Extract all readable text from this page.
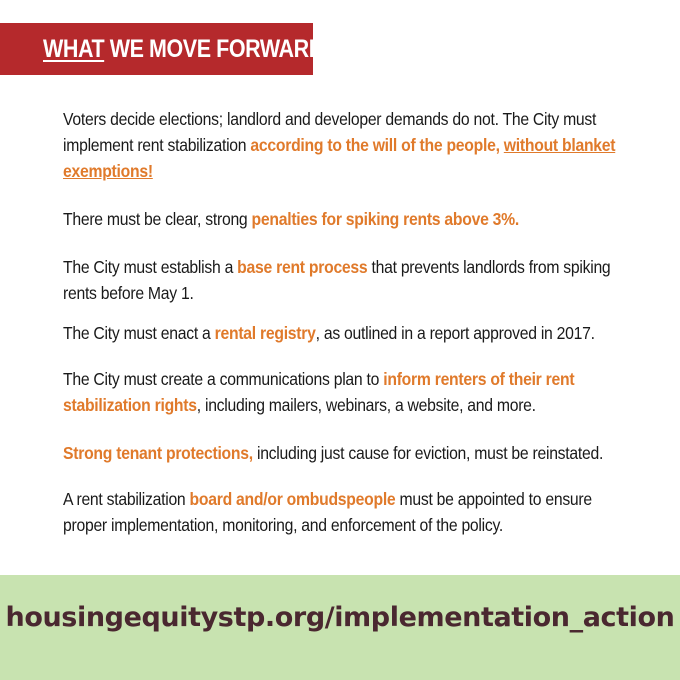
WHAT WE MOVE FORWARD

Voters decide elections; landlord and developer demands do not. The City must implement rent stabilization according to the will of the people, without blanket exemptions!

There must be clear, strong penalties for spiking rents above 3%.

The City must establish a base rent process that prevents landlords from spiking rents before May 1.

The City must enact a rental registry, as outlined in a report approved in 2017.

The City must create a communications plan to inform renters of their rent stabilization rights, including mailers, webinars, a website, and more.

Strong tenant protections, including just cause for eviction, must be reinstated.

A rent stabilization board and/or ombudspeople must be appointed to ensure proper implementation, monitoring, and enforcement of the policy.

housingequitystp.org/implementation_action
